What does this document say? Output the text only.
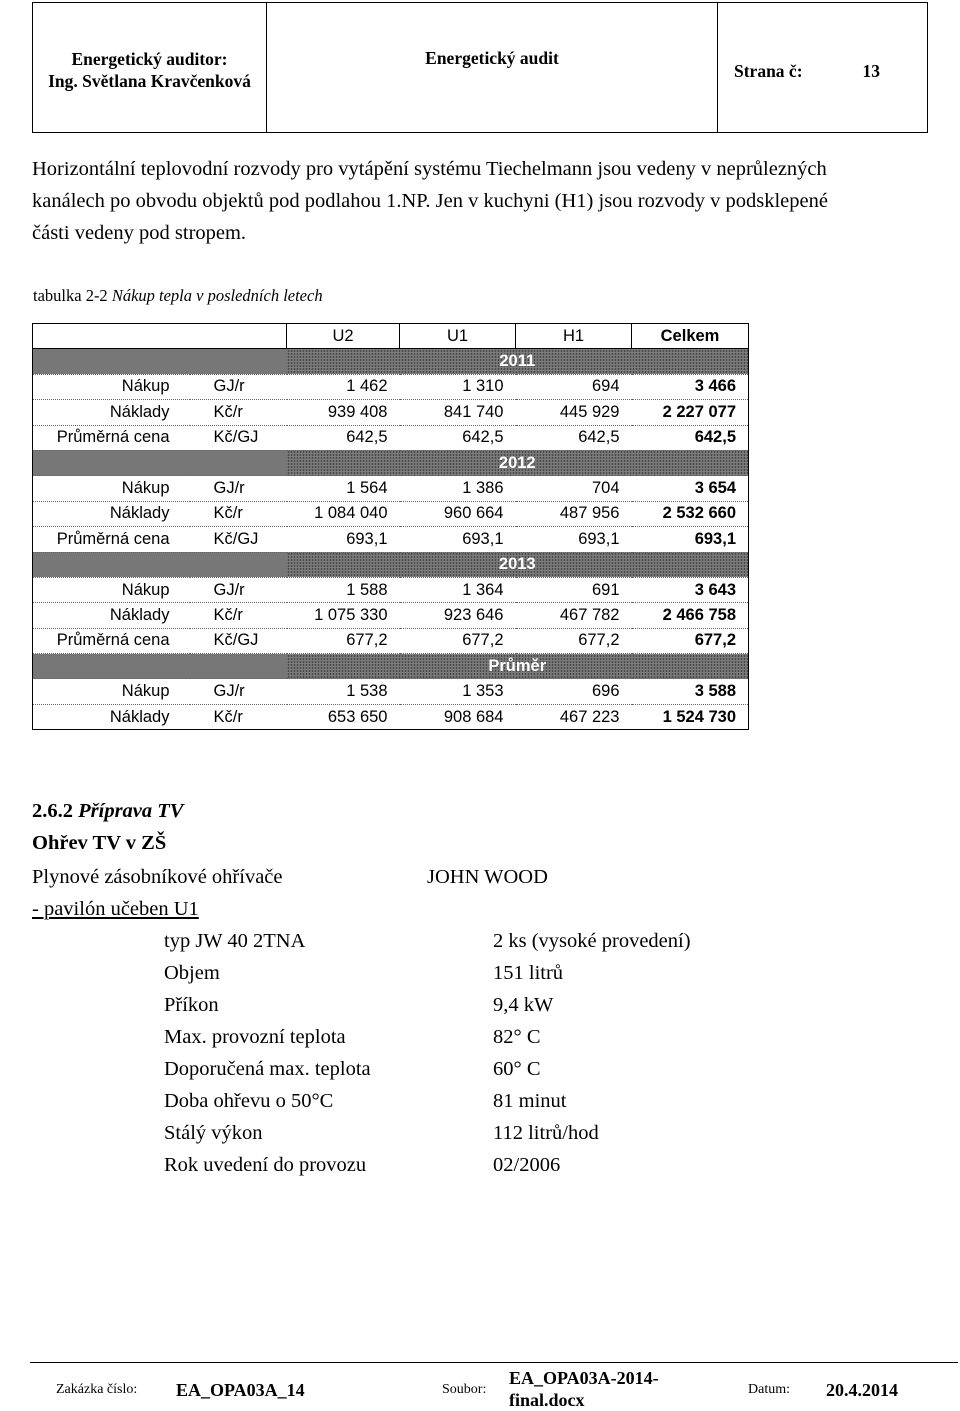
Energetický auditor:
Ing. Světlana Kravčenková
Energetický audit
Strana č:	13
Horizontální teplovodní rozvody pro vytápění systému Tiechelmann jsou vedeny v neprůlezných
kanálech po obvodu objektů pod podlahou 1.NP. Jen v kuchyni (H1) jsou rozvody v podsklepené
části vedeny pod stropem.
tabulka 2-2 Nákup tepla v posledních letech
		U2	U1	H1	Celkem
		2011			
Nákup	GJ/r	1 462	1 310	694	3 466
Náklady	Kč/r	939 408	841 740	445 929	2 227 077
Průměrná cena	Kč/GJ	642,5	642,5	642,5	642,5
		2012			
Nákup	GJ/r	1 564	1 386	704	3 654
Náklady	Kč/r	1 084 040	960 664	487 956	2 532 660
Průměrná cena	Kč/GJ	693,1	693,1	693,1	693,1
		2013			
Nákup	GJ/r	1 588	1 364	691	3 643
Náklady	Kč/r	1 075 330	923 646	467 782	2 466 758
Průměrná cena	Kč/GJ	677,2	677,2	677,2	677,2
		Průměr			
Nákup	GJ/r	1 538	1 353	696	3 588
Náklady	Kč/r	653 650	908 684	467 223	1 524 730
2.6.2 Příprava TV
Ohřev TV v ZŠ
Plynové zásobníkové ohřívače	JOHN WOOD
- pavilón učeben U1
typ JW 40 2TNA	2 ks (vysoké provedení)
Objem	151 litrů
Příkon	9,4 kW
Max. provozní teplota	82° C
Doporučená max. teplota	60° C
Doba ohřevu o 50°C	81 minut
Stálý výkon	112 litrů/hod
Rok uvedení do provozu	02/2006
Zakázka číslo: EA_OPA03A_14	Soubor:
EA_OPA03A-2014-
final.docx
Datum: 20.4.2014
